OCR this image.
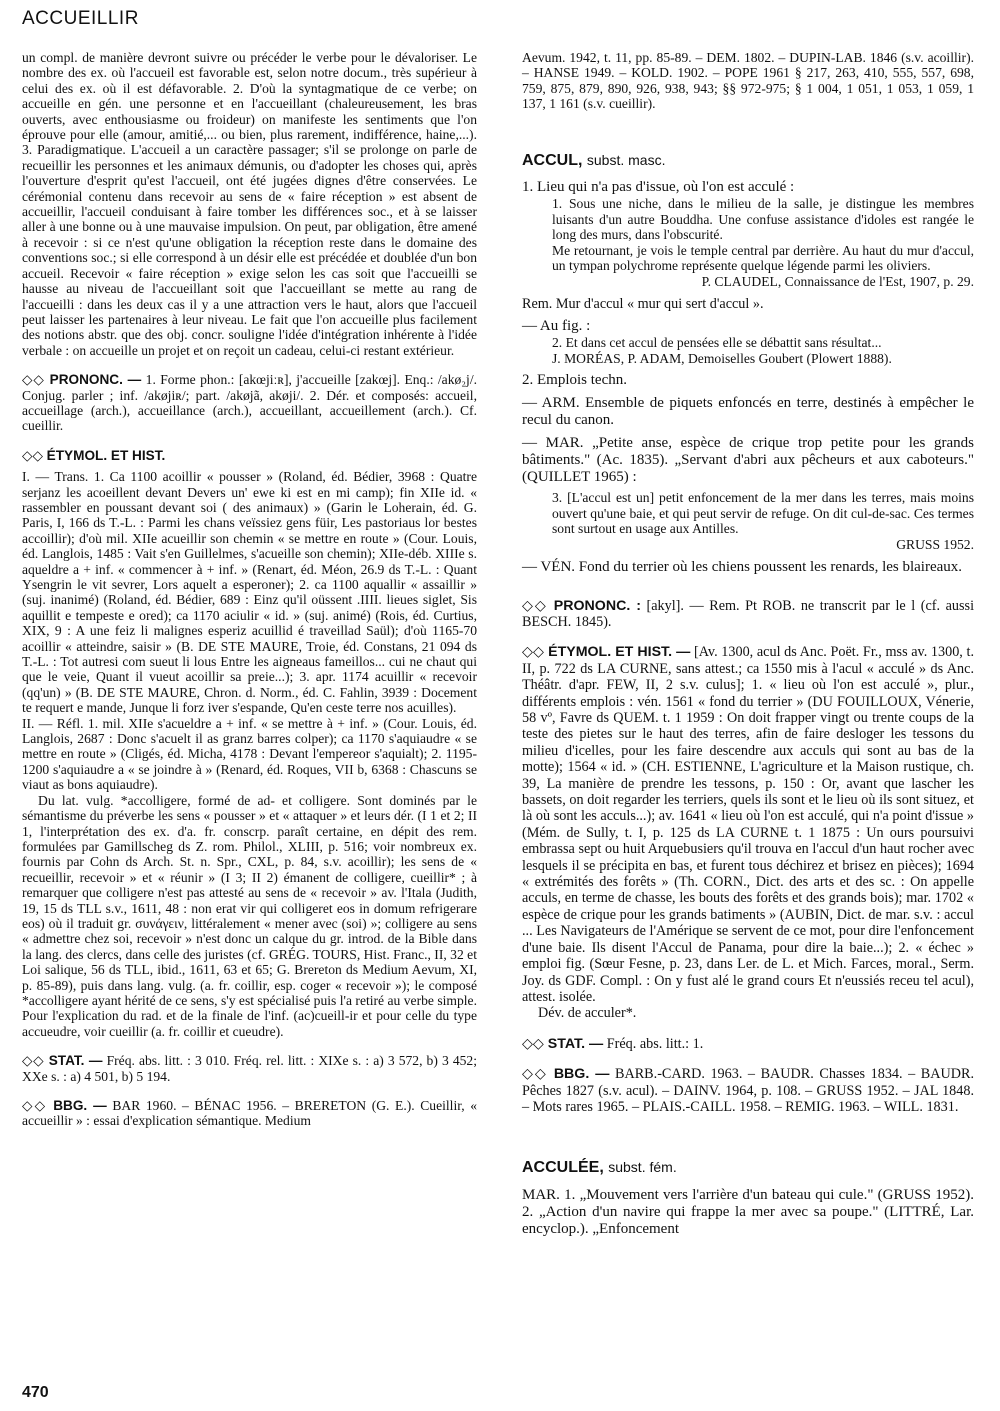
ACCUEILLIR

un compl. de manière devront suivre ou précéder le verbe pour le dévaloriser. Le nombre des ex. où l'accueil est favorable est, selon notre docum., très supérieur à celui des ex. où il est défavorable. 2. D'où la syntagmatique de ce verbe; on accueille en gén. une personne et en l'accueillant (chaleureusement, les bras ouverts, avec enthousiasme ou froideur) on manifeste les sentiments que l'on éprouve pour elle (amour, amitié,... ou bien, plus rarement, indifférence, haine,...). 3. Paradigmatique. L'accueil a un caractère passager; s'il se prolonge on parle de recueillir les personnes et les animaux démunis, ou d'adopter les choses qui, après l'ouverture d'esprit qu'est l'accueil, ont été jugées dignes d'être conservées. Le cérémonial contenu dans recevoir au sens de « faire réception » est absent de accueillir, l'accueil conduisant à faire tomber les différences soc., et à se laisser aller à une bonne ou à une mauvaise impulsion. On peut, par obligation, être amené à recevoir : si ce n'est qu'une obligation la réception reste dans le domaine des conventions soc.; si elle correspond à un désir elle est précédée et doublée d'un bon accueil. Recevoir « faire réception » exige selon les cas soit que l'accueilli se hausse au niveau de l'accueillant soit que l'accueillant se mette au rang de l'accueilli : dans les deux cas il y a une attraction vers le haut, alors que l'accueil peut laisser les partenaires à leur niveau. Le fait que l'on accueille plus facilement des notions abstr. que des obj. concr. souligne l'idée d'intégration inhérente à l'idée verbale : on accueille un projet et on reçoit un cadeau, celui-ci restant extérieur.

◇◇ PRONONC. — 1. Forme phon.: [akœjiːʀ], j'accueille [zakœj]. Enq.: /akø₂j/. Conjug. parler ; inf. /akøjiʀ/; part. /akøjã, akøji/. 2. Dér. et composés: accueil, accueillage (arch.), accueillance (arch.), accueillant, accueillement (arch.). Cf. cueillir.

◇◇ ÉTYMOL. ET HIST.

I. — Trans. 1. Ca 1100 acoillir « pousser » (Roland, éd. Bédier, 3968 : Quatre serjanz les acoeillent devant Devers un' ewe ki est en mi camp); fin XIIe id. « rassembler en poussant devant soi ( des animaux) » (Garin le Loherain, éd. G. Paris, I, 166 ds T.-L. : Parmi les chans veïssiez gens füir, Les pastoriaus lor bestes accoillir); d'où mil. XIIe acueillir son chemin « se mettre en route » (Cour. Louis, éd. Langlois, 1485 : Vait s'en Guillelmes, s'acueille son chemin); XIIe-déb. XIIIe s. aqueldre a + inf. « commencer à + inf. » (Renart, éd. Méon, 26.9 ds T.-L. : Quant Ysengrin le vit sevrer, Lors aquelt a esperoner); 2. ca 1100 aquallir « assaillir » (suj. inanimé) (Roland, éd. Bédier, 689 : Einz qu'il oüssent .IIII. lieues siglet, Sis aquillit e tempeste e ored); ca 1170 aciulir « id. » (suj. animé) (Rois, éd. Curtius, XIX, 9 : A une feiz li malignes esperiz acuillid é traveillad Saül); d'où 1165-70 acoillir « atteindre, saisir » (B. DE STE MAURE, Troie, éd. Constans, 21 094 ds T.-L. : Tot autresi com sueut li lous Entre les aigneaus fameillos... cui ne chaut qui que le veie, Quant il vueut acoillir sa preie...); 3. apr. 1174 acuillir « recevoir (qq'un) » (B. DE STE MAURE, Chron. d. Norm., éd. C. Fahlin, 3939 : Docement te requert e mande, Junque li forz iver s'espande, Qu'en ceste terre nos acuilles).

II. — Réfl. 1. mil. XIIe s'acueldre a + inf. « se mettre à + inf. » (Cour. Louis, éd. Langlois, 2687 : Donc s'acuelt il as granz barres colper); ca 1170 s'aquiaudre « se mettre en route » (Cligés, éd. Micha, 4178 : Devant l'empereor s'aquialt); 2. 1195-1200 s'aquiaudre a « se joindre à » (Renard, éd. Roques, VII b, 6368 : Chascuns se viaut as bons aquiaudre).

Du lat. vulg. *accolligere, formé de ad- et colligere. Sont dominés par le sémantisme du préverbe les sens « pousser » et « attaquer » et leurs dér. (I 1 et 2; II 1, l'interprétation des ex. d'a. fr. conscrp. paraît certaine, en dépit des rem. formulées par Gamillscheg ds Z. rom. Philol., XLIII, p. 516; voir nombreux ex. fournis par Cohn ds Arch. St. n. Spr., CXL, p. 84, s.v. acoillir); les sens de « recueillir, recevoir » et « réunir » (I 3; II 2) émanent de colligere, cueillir* ; à remarquer que colligere n'est pas attesté au sens de « recevoir » av. l'Itala (Judith, 19, 15 ds TLL s.v., 1611, 48 : non erat vir qui colligeret eos in domum refrigerare eos) où il traduit gr. συνάγειν, littéralement « mener avec (soi) »; colligere au sens « admettre chez soi, recevoir » n'est donc un calque du gr. introd. de la Bible dans la lang. des clercs, dans celle des juristes (cf. GRÉG. TOURS, Hist. Franc., II, 32 et Loi salique, 56 ds TLL, ibid., 1611, 63 et 65; G. Brereton ds Medium Aevum, XI, p. 85-89), puis dans lang. vulg. (a. fr. coillir, esp. coger « recevoir »); le composé *accolligere ayant hérité de ce sens, s'y est spécialisé puis l'a retiré au verbe simple. Pour l'explication du rad. et de la finale de l'inf. (ac)cueill-ir et pour celle du type accueudre, voir cueillir (a. fr. coillir et cueudre).

◇◇ STAT. — Fréq. abs. litt. : 3 010. Fréq. rel. litt. : XIXe s. : a) 3 572, b) 3 452; XXe s. : a) 4 501, b) 5 194.

◇◇ BBG. — BAR 1960. – BÉNAC 1956. – BRERETON (G. E.). Cueillir, « accueillir » : essai d'explication sémantique. Medium

Aevum. 1942, t. 11, pp. 85-89. – DEM. 1802. – DUPIN-LAB. 1846 (s.v. acoillir). – HANSE 1949. – KOLD. 1902. – POPE 1961 § 217, 263, 410, 555, 557, 698, 759, 875, 879, 890, 926, 938, 943; §§ 972-975; § 1 004, 1 051, 1 053, 1 059, 1 137, 1 161 (s.v. cueillir).

ACCUL, subst. masc.

1. Lieu qui n'a pas d'issue, où l'on est acculé :

1. Sous une niche, dans le milieu de la salle, je distingue les membres luisants d'un autre Bouddha. Une confuse assistance d'idoles est rangée le long des murs, dans l'obscurité.

Me retournant, je vois le temple central par derrière. Au haut du mur d'accul, un tympan polychrome représente quelque légende parmi les oliviers.

P. CLAUDEL, Connaissance de l'Est, 1907, p. 29.

Rem. Mur d'accul « mur qui sert d'accul ».

— Au fig. :

2. Et dans cet accul de pensées elle se débattit sans résultat...

J. MORÉAS, P. ADAM, Demoiselles Goubert (Plowert 1888).

2. Emplois techn.

— ARM. Ensemble de piquets enfoncés en terre, destinés à empêcher le recul du canon.

— MAR. „Petite anse, espèce de crique trop petite pour les grands bâtiments." (Ac. 1835). „Servant d'abri aux pêcheurs et aux caboteurs." (QUILLET 1965) :

3. [L'accul est un] petit enfoncement de la mer dans les terres, mais moins ouvert qu'une baie, et qui peut servir de refuge. On dit cul-de-sac. Ces termes sont surtout en usage aux Antilles.

GRUSS 1952.

— VÉN. Fond du terrier où les chiens poussent les renards, les blaireaux.

◇◇ PRONONC. : [akyl]. — Rem. Pt ROB. ne transcrit par le l (cf. aussi BESCH. 1845).

◇◇ ÉTYMOL. ET HIST. — [Av. 1300, acul ds Anc. Poët. Fr., mss av. 1300, t. II, p. 722 ds LA CURNE, sans attest.; ca 1550 mis à l'acul « acculé » ds Anc. Théâtr. d'apr. FEW, II, 2 s.v. culus]; 1. « lieu où l'on est acculé », plur., différents emplois : vén. 1561 « fond du terrier » (DU FOUILLOUX, Vénerie, 58 vº, Favre ds QUEM. t. 1 1959 : On doit frapper vingt ou trente coups de la teste des pietes sur le haut des terres, afin de faire desloger les tessons du milieu d'icelles, pour les faire descendre aux acculs qui sont au bas de la motte); 1564 « id. » (CH. ESTIENNE, L'agriculture et la Maison rustique, ch. 39, La manière de prendre les tessons, p. 150 : Or, avant que lascher les bassets, on doit regarder les terriers, quels ils sont et le lieu où ils sont situez, et là où sont les acculs...); av. 1641 « lieu où l'on est acculé, qui n'a point d'issue » (Mém. de Sully, t. I, p. 125 ds LA CURNE t. 1 1875 : Un ours poursuivi embrassa sept ou huit Arquebusiers qu'il trouva en l'accul d'un haut rocher avec lesquels il se précipita en bas, et furent tous déchirez et brisez en pièces); 1694 « extrémités des forêts » (Th. CORN., Dict. des arts et des sc. : On appelle acculs, en terme de chasse, les bouts des forêts et des grands bois); mar. 1702 « espèce de crique pour les grands batiments » (AUBIN, Dict. de mar. s.v. : accul ... Les Navigateurs de l'Amérique se servent de ce mot, pour dire l'enfoncement d'une baie. Ils disent l'Accul de Panama, pour dire la baie...); 2. « échec » emploi fig. (Sœur Fesne, p. 23, dans Ler. de L. et Mich. Farces, moral., Serm. Joy. ds GDF. Compl. : On y fust alé le grand cours Et n'eussiés receu tel acul), attest. isolée.

Dév. de acculer*.

◇◇ STAT. — Fréq. abs. litt.: 1.

◇◇ BBG. — BARB.-CARD. 1963. – BAUDR. Chasses 1834. – BAUDR. Pêches 1827 (s.v. acul). – DAINV. 1964, p. 108. – GRUSS 1952. – JAL 1848. – Mots rares 1965. – PLAIS.-CAILL. 1958. – REMIG. 1963. – WILL. 1831.

ACCULÉE, subst. fém.

MAR. 1. „Mouvement vers l'arrière d'un bateau qui cule." (GRUSS 1952). 2. „Action d'un navire qui frappe la mer avec sa poupe." (LITTRÉ, Lar. encyclop.). „Enfoncement

470
